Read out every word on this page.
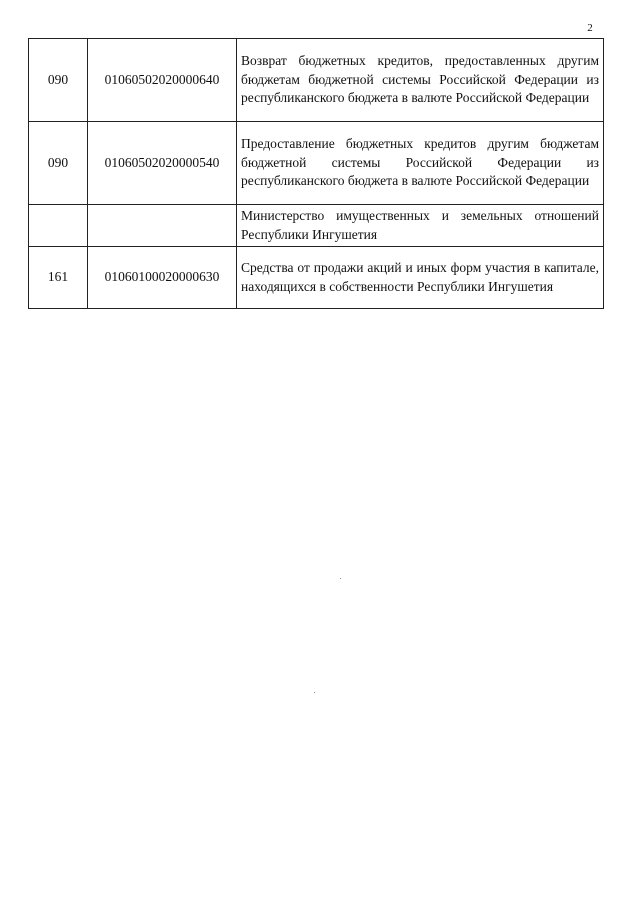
2
090	01060502020000640	Возврат бюджетных кредитов, предоставленных другим бюджетам бюджетной системы Российской Федерации из республиканского бюджета в валюте Российской Федерации
090	01060502020000540	Предоставление бюджетных кредитов другим бюджетам бюджетной системы Российской Федерации из республиканского бюджета в валюте Российской Федерации
		Министерство имущественных и земельных отношений Республики Ингушетия
161	01060100020000630	Средства от продажи акций и иных форм участия в капитале, находящихся в собственности Республики Ингушетия
